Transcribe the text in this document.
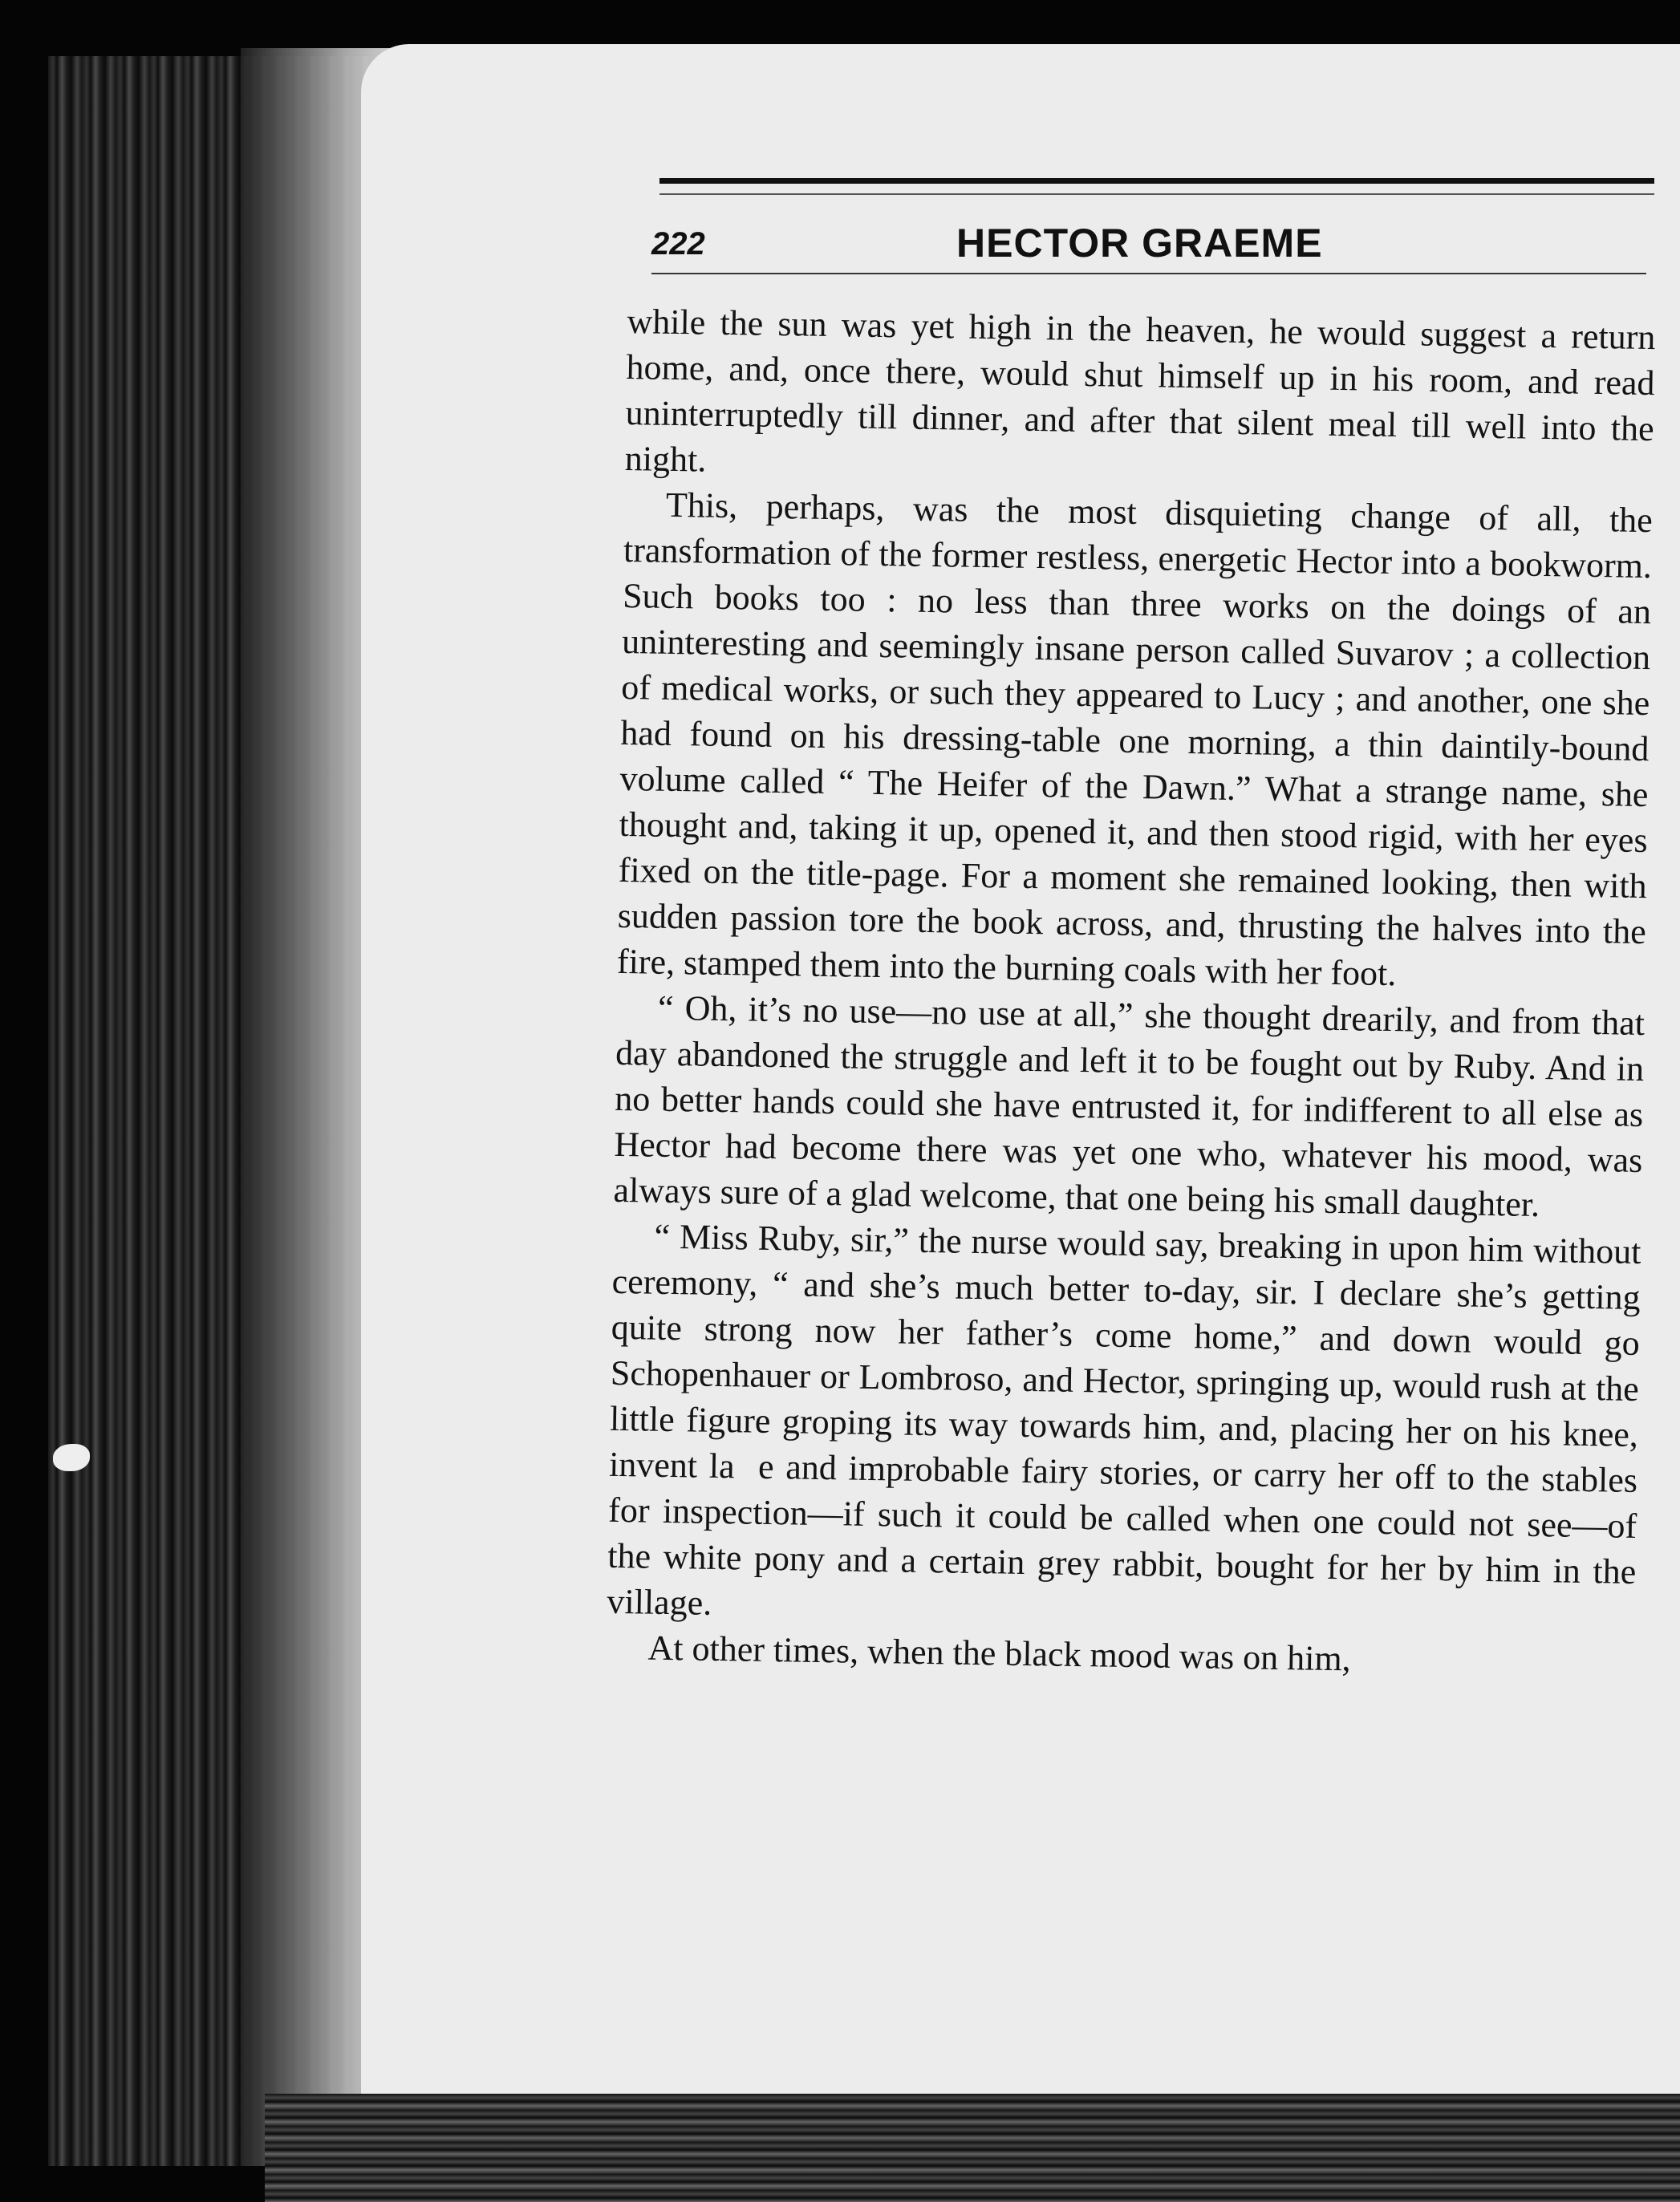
222	HECTOR GRAEME

while the sun was yet high in the heaven, he would suggest a return home, and, once there, would shut himself up in his room, and read uninterruptedly till dinner, and after that silent meal till well into the night.

This, perhaps, was the most disquieting change of all, the transformation of the former restless, energetic Hector into a bookworm. Such books too : no less than three works on the doings of an uninteresting and seemingly insane person called Suvarov ; a collection of medical works, or such they appeared to Lucy ; and another, one she had found on his dressing-table one morning, a thin daintily-bound volume called “ The Heifer of the Dawn.” What a strange name, she thought and, taking it up, opened it, and then stood rigid, with her eyes fixed on the title-page. For a moment she remained looking, then with sudden passion tore the book across, and, thrusting the halves into the fire, stamped them into the burning coals with her foot.

“ Oh, it’s no use—no use at all,” she thought drearily, and from that day abandoned the struggle and left it to be fought out by Ruby. And in no better hands could she have entrusted it, for indifferent to all else as Hector had become there was yet one who, whatever his mood, was always sure of a glad welcome, that one being his small daughter.

“ Miss Ruby, sir,” the nurse would say, breaking in upon him without ceremony, “ and she’s much better to-day, sir. I declare she’s getting quite strong now her father’s come home,” and down would go Schopenhauer or Lombroso, and Hector, springing up, would rush at the little figure groping its way towards him, and, placing her on his knee, invent la  e and improbable fairy stories, or carry her off to the stables for inspection—if such it could be called when one could not see—of the white pony and a certain grey rabbit, bought for her by him in the village.

At other times, when the black mood was on him,
